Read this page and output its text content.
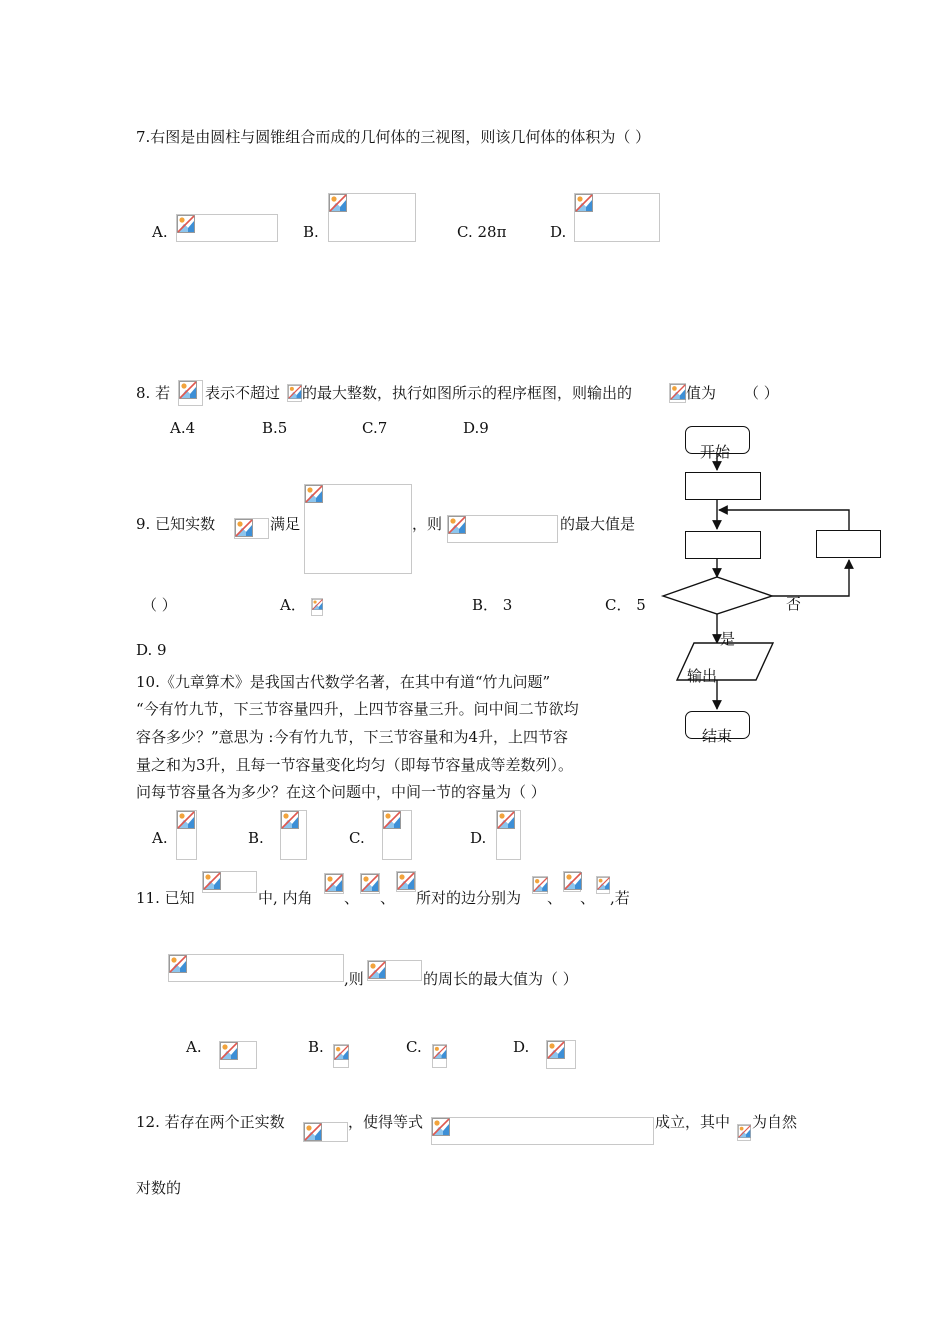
7.右图是由圆柱与圆锥组合而成的几何体的三视图，则该几何体的体积为（ ）
A.	B.	C. 28π	D.
8. 若 表示不超过 的最大整数，执行如图所示的程序框图，则输出的	值为 （ ）
A.4	B.5	C.7	D.9
9. 已知实数	满足	，则	的最大值是
（ ）	A．	B． 3	C． 5
D. 9
10.《九章算术》是我国古代数学名著，在其中有道“竹九问题”
“今有竹九节，下三节容量四升，上四节容量三升。问中间二节欲均
容各多少？”意思为 :今有竹九节，下三节容量和为4升，上四节容
量之和为3升，且每一节容量变化均匀（即每节容量成等差数列）。
问每节容量各为多少？在这个问题中，中间一节的容量为（ ）
A.	B.	C.	D.
11. 已知	中, 内角 、 、 所对的边分别为 、 、 ,若
,则	的周长的最大值为（ ）
A.	B.	C.	D.
12. 若存在两个正实数	，使得等式	成立，其中 为自然
对数的
开始
否
是
输出
结束
